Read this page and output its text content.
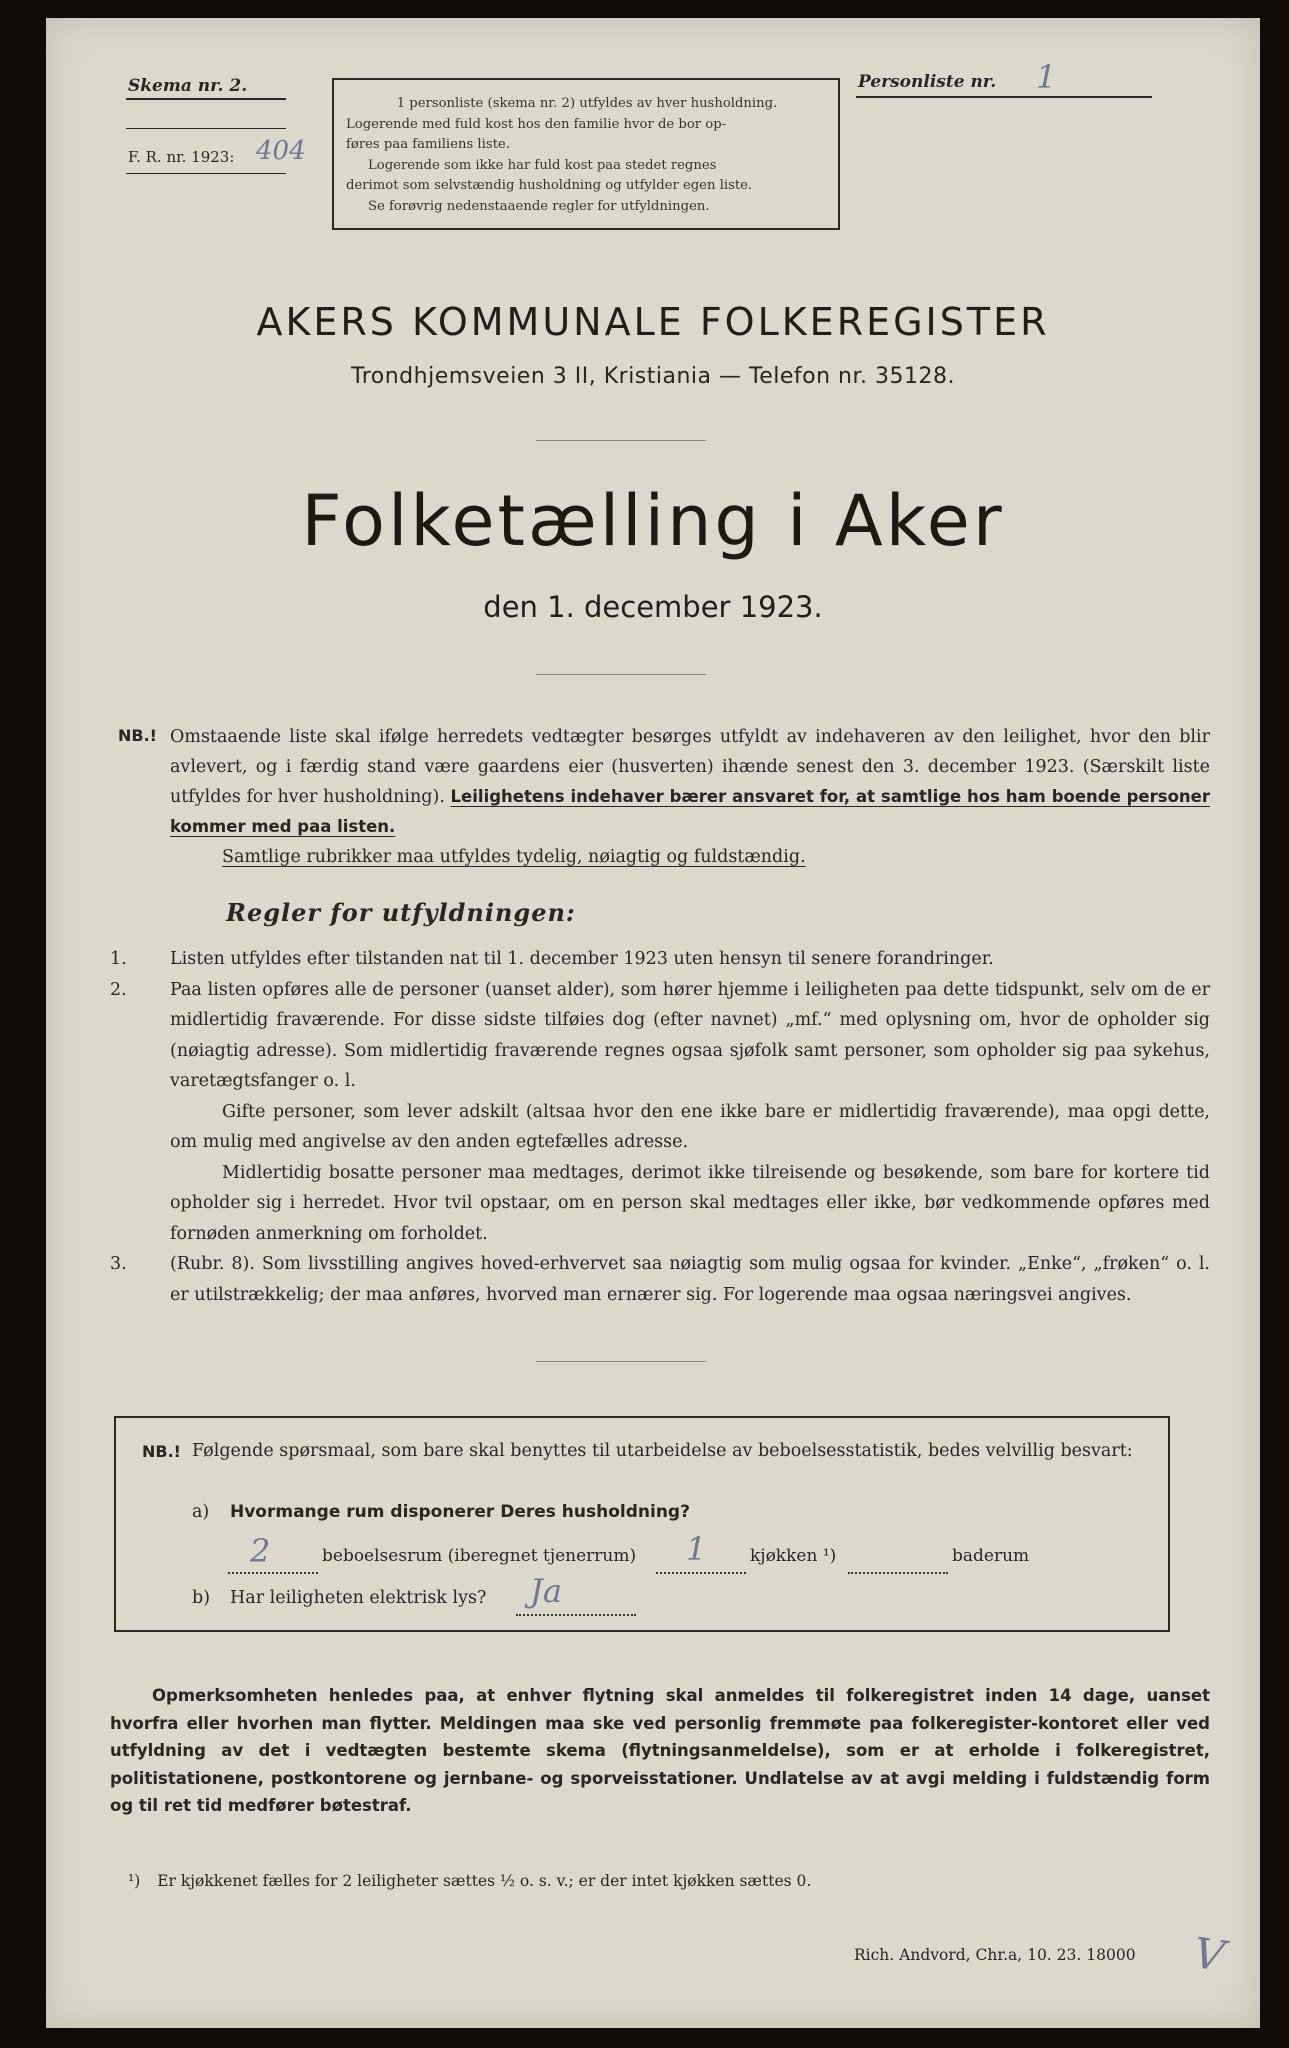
Skema nr. 2.
F. R. nr. 1923: 404
1 personliste (skema nr. 2) utfyldes av hver husholdning.
Logerende med fuld kost hos den familie hvor de bor op-
føres paa familiens liste.
Logerende som ikke har fuld kost paa stedet regnes
derimot som selvstændig husholdning og utfylder egen liste.
Se forøvrig nedenstaaende regler for utfyldningen.
Personliste nr. 1
AKERS KOMMUNALE FOLKEREGISTER
Trondhjemsveien 3 II, Kristiania — Telefon nr. 35128.
Folketælling i Aker
den 1. december 1923.
NB.! Omstaaende liste skal ifølge herredets vedtægter besørges utfyldt av indehaveren av den leilighet, hvor den blir avlevert, og i færdig stand være gaardens eier (husverten) ihænde senest den 3. december 1923. (Særskilt liste utfyldes for hver husholdning). Leilighetens indehaver bærer ansvaret for, at samtlige hos ham boende personer kommer med paa listen.

Samtlige rubrikker maa utfyldes tydelig, nøiagtig og fuldstændig.

Regler for utfyldningen:
1.	Listen utfyldes efter tilstanden nat til 1. december 1923 uten hensyn til senere forandringer.

2.	Paa listen opføres alle de personer (uanset alder), som hører hjemme i leiligheten paa dette tidspunkt, selv om de er midlertidig fraværende. For disse sidste tilføies dog (efter navnet) „mf.“ med oplysning om, hvor de opholder sig (nøiagtig adresse). Som midlertidig fraværende regnes ogsaa sjøfolk samt personer, som opholder sig paa sykehus, varetægtsfanger o. l.

Gifte personer, som lever adskilt (altsaa hvor den ene ikke bare er midlertidig fraværende), maa opgi dette, om mulig med angivelse av den anden egtefælles adresse.

Midlertidig bosatte personer maa medtages, derimot ikke tilreisende og besøkende, som bare for kortere tid opholder sig i herredet. Hvor tvil opstaar, om en person skal medtages eller ikke, bør vedkommende opføres med fornøden anmerkning om forholdet.

3.	(Rubr. 8). Som livsstilling angives hoved-erhvervet saa nøiagtig som mulig ogsaa for kvinder. „Enke“, „frøken“ o. l. er utilstrækkelig; der maa anføres, hvorved man ernærer sig. For logerende maa ogsaa næringsvei angives.

NB.! Følgende spørsmaal, som bare skal benyttes til utarbeidelse av beboelsesstatistik, bedes velvillig besvart:

a) Hvormange rum disponerer Deres husholdning?
2	beboelsesrum (iberegnet tjenerrum) 1	kjøkken ¹)	baderum
b) Har leiligheten elektrisk lys? Ja

Opmerksomheten henledes paa, at enhver flytning skal anmeldes til folkeregistret inden 14 dage, uanset hvorfra eller hvorhen man flytter. Meldingen maa ske ved personlig fremmøte paa folkeregister-kontoret eller ved utfyldning av det i vedtægten bestemte skema (flytningsanmeldelse), som er at erholde i folkeregistret, politistationene, postkontorene og jernbane- og sporveisstationer. Undlatelse av at avgi melding i fuldstændig form og til ret tid medfører bøtestraf.

¹) Er kjøkkenet fælles for 2 leiligheter sættes ½ o. s. v.; er der intet kjøkken sættes 0.
Rich. Andvord, Chr.a, 10. 23. 18000 V
